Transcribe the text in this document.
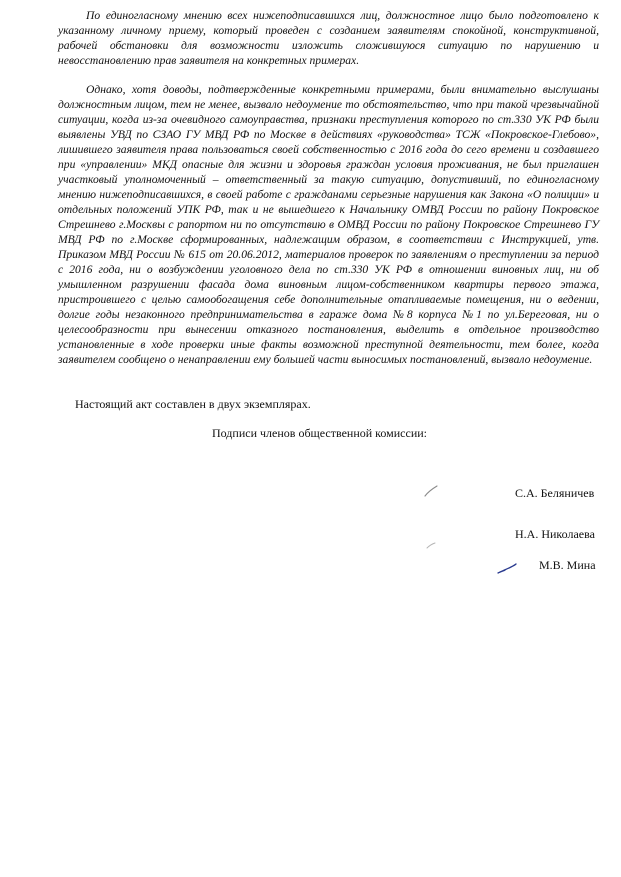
По единогласному мнению всех нижеподписавшихся лиц, должностное лицо было подготовлено к указанному личному приему, который проведен с созданием заявителям спокойной, конструктивной, рабочей обстановки для возможности изложить сложившуюся ситуацию по нарушению и невосстановлению прав заявителя на конкретных примерах.

Однако, хотя доводы, подтвержденные конкретными примерами, были внимательно выслушаны должностным лицом, тем не менее, вызвало недоумение то обстоятельство, что при такой чрезвычайной ситуации, когда из-за очевидного самоуправства, признаки преступления которого по ст.330 УК РФ были выявлены УВД по СЗАО ГУ МВД РФ по Москве в действиях «руководства» ТСЖ «Покровское-Глебово», лишившего заявителя права пользоваться своей собственностью с 2016 года до сего времени и создавшего при «управлении» МКД опасные для жизни и здоровья граждан условия проживания, не был приглашен участковый уполномоченный – ответственный за такую ситуацию, допустивший, по единогласному мнению нижеподписавшихся, в своей работе с гражданами серьезные нарушения как Закона «О полиции» и отдельных положений УПК РФ, так и не вышедшего к Начальнику ОМВД России по району Покровское Стрешнево г.Москвы с рапортом ни по отсутствию в ОМВД России по району Покровское Стрешнево ГУ МВД РФ по г.Москве сформированных, надлежащим образом, в соответствии с Инструкцией, утв. Приказом МВД России № 615 от 20.06.2012, материалов проверок по заявлениям о преступлении за период с 2016 года, ни о возбуждении уголовного дела по ст.330 УК РФ в отношении виновных лиц, ни об умышленном разрушении фасада дома виновным лицом-собственником квартиры первого этажа, пристроившего с целью самообогащения себе дополнительные отапливаемые помещения, ни о ведении, долгие годы незаконного предпринимательства в гараже дома №8 корпуса №1 по ул.Береговая, ни о целесообразности при вынесении отказного постановления, выделить в отдельное производство установленные в ходе проверки иные факты возможной преступной деятельности, тем более, когда заявителем сообщено о ненаправлении ему большей части выносимых постановлений, вызвало недоумение.

Настоящий акт составлен в двух экземплярах.

Подписи членов общественной комиссии:

С.А. Беляничев

Н.А. Николаева

М.В. Мина
